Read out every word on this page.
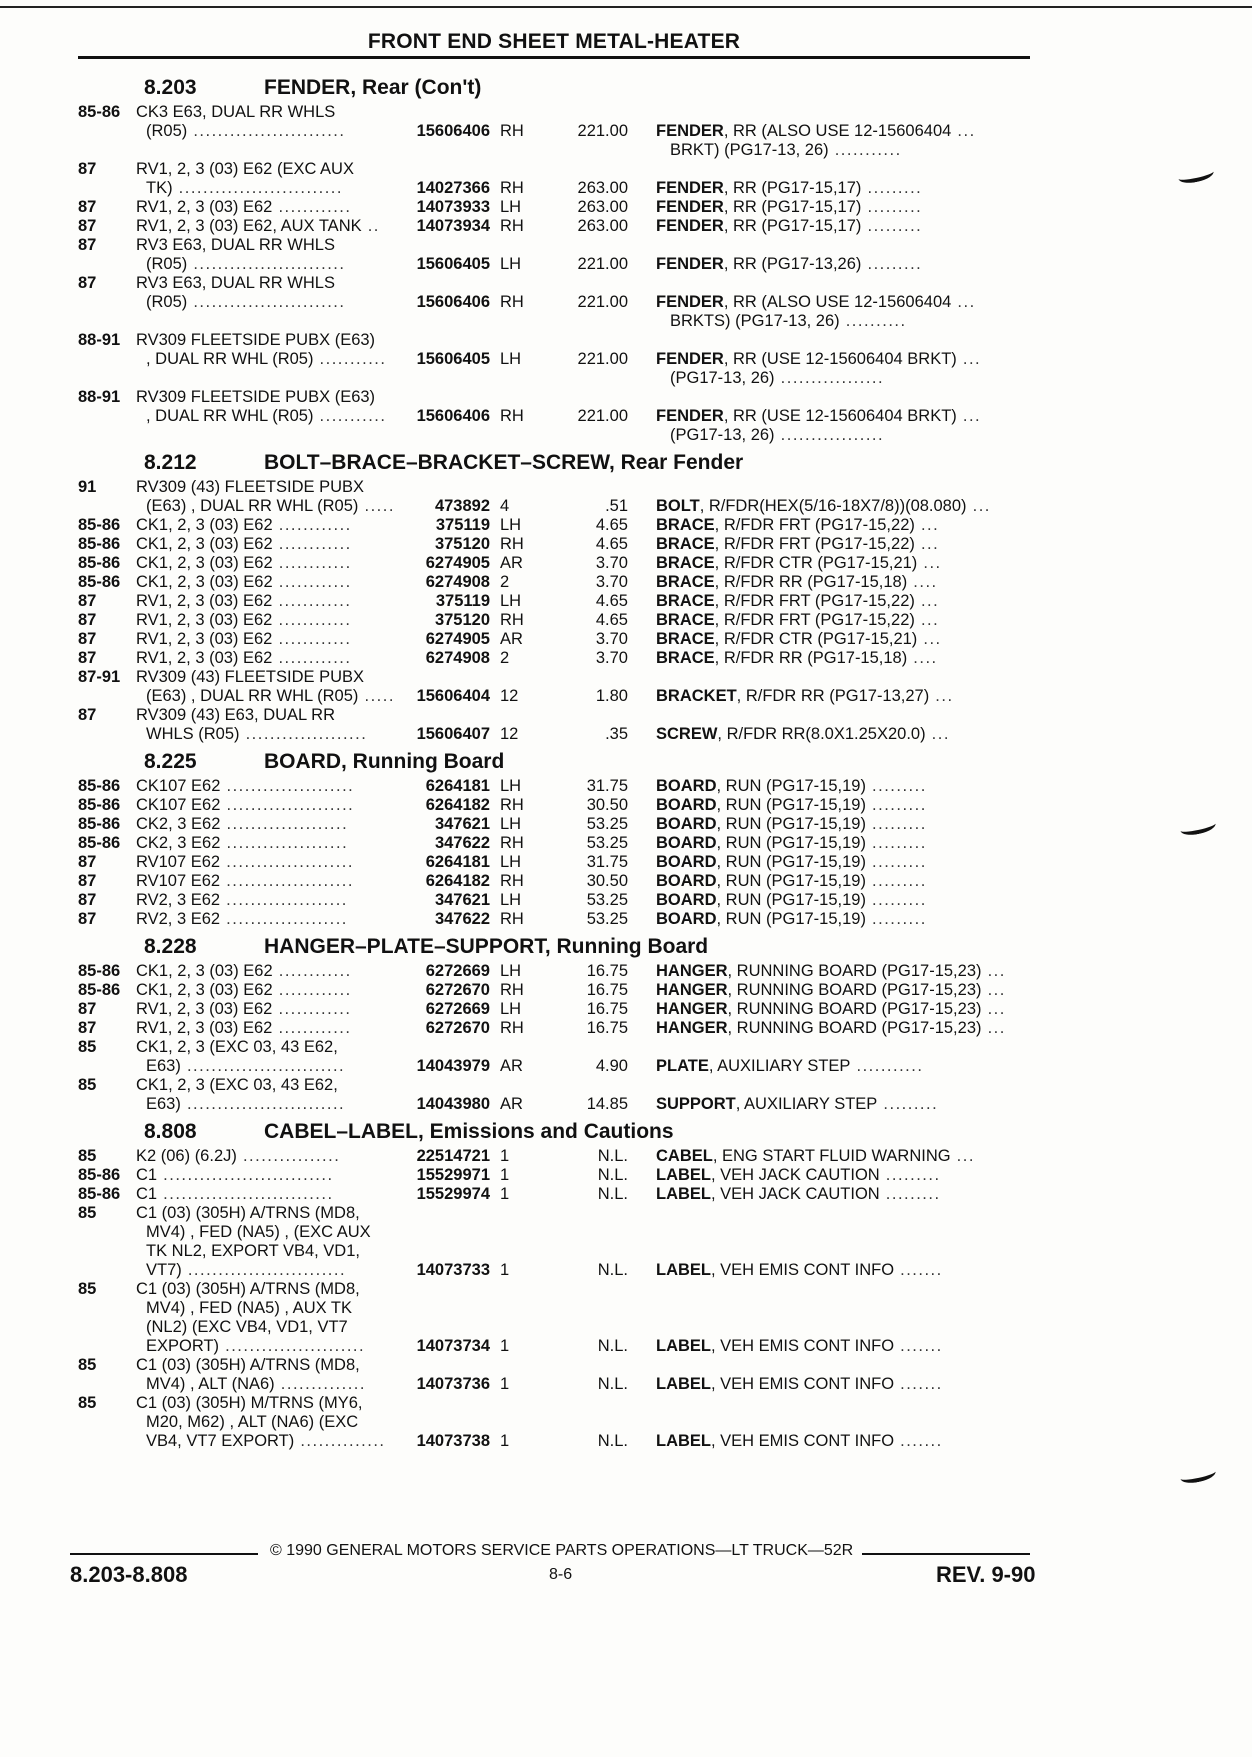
FRONT END SHEET METAL-HEATER
8.203	FENDER, Rear (Con't)
85-86 CK3 E63, DUAL RR WHLS
(R05) .........................	15606406 RH	221.00	FENDER, RR (ALSO USE 12-15606404 ...
BRKT) (PG17-13, 26) ...........
87	RV1, 2, 3 (03) E62 (EXC AUX
TK) ...........................	14027366 RH	263.00	FENDER, RR (PG17-15,17) .........
87	RV1, 2, 3 (03) E62 ............	14073933 LH	263.00	FENDER, RR (PG17-15,17) .........
87	RV1, 2, 3 (03) E62, AUX TANK ..	14073934 RH	263.00	FENDER, RR (PG17-15,17) .........
87	RV3 E63, DUAL RR WHLS
(R05) .........................	15606405 LH	221.00	FENDER, RR (PG17-13,26) .........
87	RV3 E63, DUAL RR WHLS
(R05) .........................	15606406 RH	221.00	FENDER, RR (ALSO USE 12-15606404 ...
BRKTS) (PG17-13, 26) ..........
88-91 RV309 FLEETSIDE PUBX (E63)
, DUAL RR WHL (R05) ...........	15606405 LH	221.00	FENDER, RR (USE 12-15606404 BRKT) ...
(PG17-13, 26) .................
88-91 RV309 FLEETSIDE PUBX (E63)
, DUAL RR WHL (R05) ...........	15606406 RH	221.00	FENDER, RR (USE 12-15606404 BRKT) ...
(PG17-13, 26) .................
8.212	BOLT–BRACE–BRACKET–SCREW, Rear Fender
91	RV309 (43) FLEETSIDE PUBX
(E63) , DUAL RR WHL (R05) .....	473892 4	.51	BOLT, R/FDR(HEX(5/16-18X7/8))(08.080) ...
85-86 CK1, 2, 3 (03) E62 ............	375119 LH	4.65	BRACE, R/FDR FRT (PG17-15,22) ...
85-86 CK1, 2, 3 (03) E62 ............	375120 RH	4.65	BRACE, R/FDR FRT (PG17-15,22) ...
85-86 CK1, 2, 3 (03) E62 ............	6274905 AR	3.70	BRACE, R/FDR CTR (PG17-15,21) ...
85-86 CK1, 2, 3 (03) E62 ............	6274908 2	3.70	BRACE, R/FDR RR (PG17-15,18) ....
87	RV1, 2, 3 (03) E62 ............	375119 LH	4.65	BRACE, R/FDR FRT (PG17-15,22) ...
87	RV1, 2, 3 (03) E62 ............	375120 RH	4.65	BRACE, R/FDR FRT (PG17-15,22) ...
87	RV1, 2, 3 (03) E62 ............	6274905 AR	3.70	BRACE, R/FDR CTR (PG17-15,21) ...
87	RV1, 2, 3 (03) E62 ............	6274908 2	3.70	BRACE, R/FDR RR (PG17-15,18) ....
87-91 RV309 (43) FLEETSIDE PUBX
(E63) , DUAL RR WHL (R05) .....	15606404 12	1.80	BRACKET, R/FDR RR (PG17-13,27) ...
87	RV309 (43) E63, DUAL RR
WHLS (R05) ....................	15606407 12	.35	SCREW, R/FDR RR(8.0X1.25X20.0) ...
8.225	BOARD, Running Board
85-86 CK107 E62 .....................	6264181 LH	31.75	BOARD, RUN (PG17-15,19) .........
85-86 CK107 E62 .....................	6264182 RH	30.50	BOARD, RUN (PG17-15,19) .........
85-86 CK2, 3 E62 ....................	347621 LH	53.25	BOARD, RUN (PG17-15,19) .........
85-86 CK2, 3 E62 ....................	347622 RH	53.25	BOARD, RUN (PG17-15,19) .........
87	RV107 E62 .....................	6264181 LH	31.75	BOARD, RUN (PG17-15,19) .........
87	RV107 E62 .....................	6264182 RH	30.50	BOARD, RUN (PG17-15,19) .........
87	RV2, 3 E62 ....................	347621 LH	53.25	BOARD, RUN (PG17-15,19) .........
87	RV2, 3 E62 ....................	347622 RH	53.25	BOARD, RUN (PG17-15,19) .........
8.228	HANGER–PLATE–SUPPORT, Running Board
85-86 CK1, 2, 3 (03) E62 ............	6272669 LH	16.75	HANGER, RUNNING BOARD (PG17-15,23) ...
85-86 CK1, 2, 3 (03) E62 ............	6272670 RH	16.75	HANGER, RUNNING BOARD (PG17-15,23) ...
87	RV1, 2, 3 (03) E62 ............	6272669 LH	16.75	HANGER, RUNNING BOARD (PG17-15,23) ...
87	RV1, 2, 3 (03) E62 ............	6272670 RH	16.75	HANGER, RUNNING BOARD (PG17-15,23) ...
85	CK1, 2, 3 (EXC 03, 43 E62,
E63) ..........................	14043979 AR	4.90	PLATE, AUXILIARY STEP ...........
85	CK1, 2, 3 (EXC 03, 43 E62,
E63) ..........................	14043980 AR	14.85	SUPPORT, AUXILIARY STEP .........
8.808	CABEL–LABEL, Emissions and Cautions
85	K2 (06) (6.2J) ................	22514721 1	N.L.	CABEL, ENG START FLUID WARNING ...
85-86 C1 ............................	15529971 1	N.L.	LABEL, VEH JACK CAUTION .........
85-86 C1 ............................	15529974 1	N.L.	LABEL, VEH JACK CAUTION .........
85	C1 (03) (305H) A/TRNS (MD8,
MV4) , FED (NA5) , (EXC AUX
TK NL2, EXPORT VB4, VD1,
VT7) ..........................	14073733 1	N.L.	LABEL, VEH EMIS CONT INFO .......
85	C1 (03) (305H) A/TRNS (MD8,
MV4) , FED (NA5) , AUX TK
(NL2) (EXC VB4, VD1, VT7
EXPORT) .......................	14073734 1	N.L.	LABEL, VEH EMIS CONT INFO .......
85	C1 (03) (305H) A/TRNS (MD8,
MV4) , ALT (NA6) ..............	14073736 1	N.L.	LABEL, VEH EMIS CONT INFO .......
85	C1 (03) (305H) M/TRNS (MY6,
M20, M62) , ALT (NA6) (EXC
VB4, VT7 EXPORT) ..............	14073738 1	N.L.	LABEL, VEH EMIS CONT INFO .......
© 1990 GENERAL MOTORS SERVICE PARTS OPERATIONS—LT TRUCK—52R
8.203-8.808	8-6	REV. 9-90
